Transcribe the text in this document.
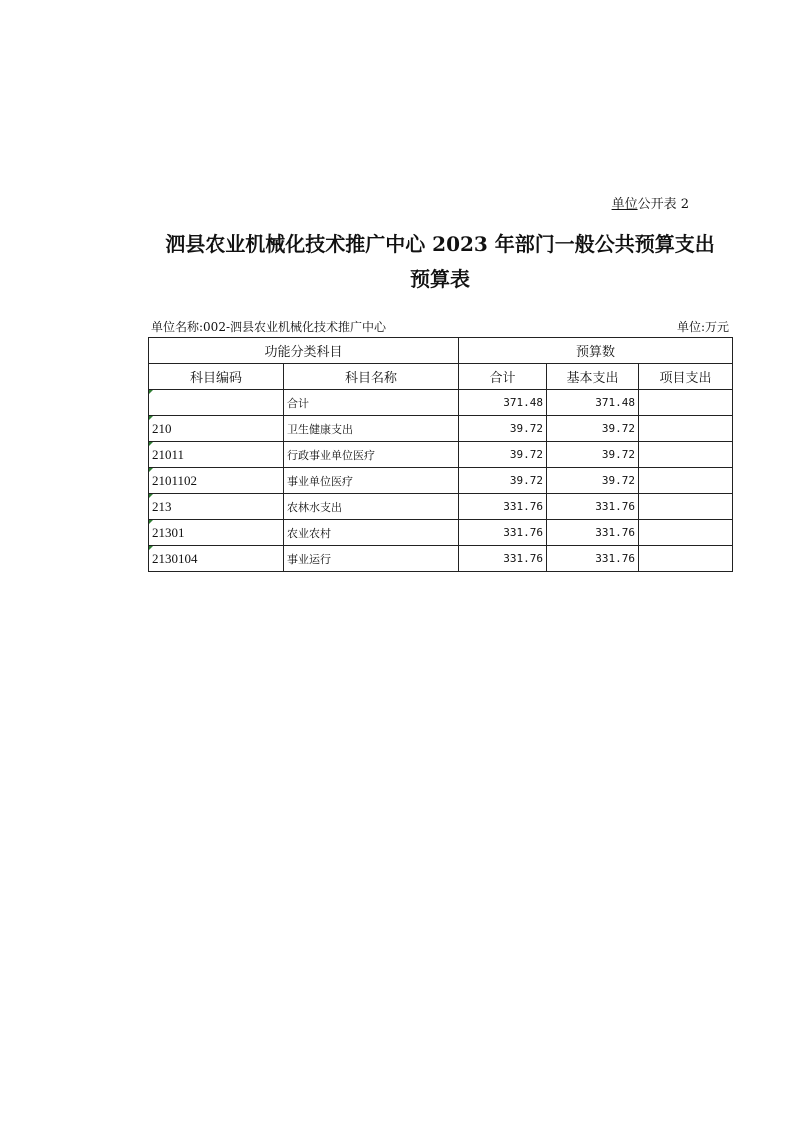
单位公开表 2
泗县农业机械化技术推广中心 2023 年部门一般公共预算支出
预算表
单位名称:002-泗县农业机械化技术推广中心	单位:万元
功能分类科目		预算数		
科目编码	科目名称	合计	基本支出	项目支出
	合计	371.48	371.48	
210	卫生健康支出	39.72	39.72	
21011	行政事业单位医疗	39.72	39.72	
2101102	事业单位医疗	39.72	39.72	
213	农林水支出	331.76	331.76	
21301	农业农村	331.76	331.76	
2130104	事业运行	331.76	331.76	
